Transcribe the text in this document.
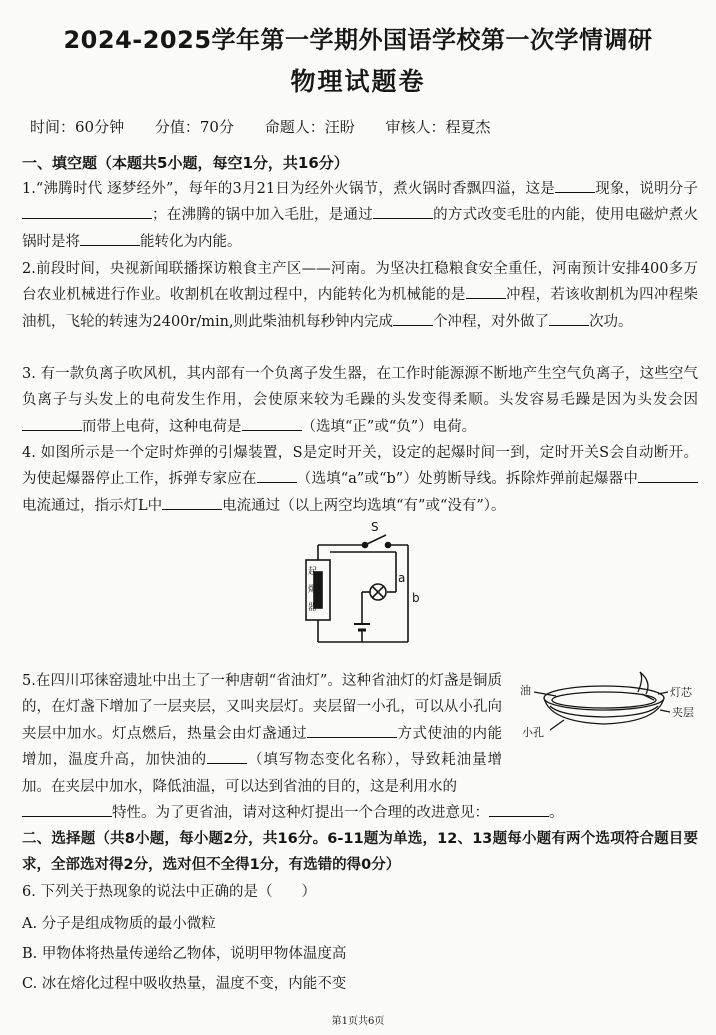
2024-2025学年第一学期外国语学校第一次学情调研
物理试题卷
时间：60分钟 分值：70分 命题人：汪盼 审核人：程夏杰
一、填空题（本题共5小题，每空1分，共16分）
1.“沸腾时代 逐梦经外”，每年的3月21日为经外火锅节，煮火锅时香飘四溢，这是	现象，说明分子；在沸腾的锅中加入毛肚，是通过	的方式改变毛肚的内能，使用电磁炉煮火锅时是将	能转化为内能。
2.前段时间，央视新闻联播探访粮食主产区——河南。为坚决扛稳粮食安全重任，河南预计安排400多万台农业机械进行作业。收割机在收割过程中，内能转化为机械能的是	冲程，若该收割机为四冲程柴油机，飞轮的转速为2400r/min,则此柴油机每秒钟内完成	个冲程，对外做了	次功。
3. 有一款负离子吹风机，其内部有一个负离子发生器，在工作时能源源不断地产生空气负离子，这些空气负离子与头发上的电荷发生作用，会使原来较为毛躁的头发变得柔顺。头发容易毛躁是因为头发会因而带上电荷，这种电荷是	（选填“正”或“负”）电荷。
4. 如图所示是一个定时炸弹的引爆装置，S是定时开关，设定的起爆时间一到，定时开关S会自动断开。为使起爆器停止工作，拆弹专家应在	（选填“a”或“b”）处剪断导线。拆除炸弹前起爆器中电流通过，指示灯L中	电流通过（以上两空均选填“有”或“没有”）。
S
a
b
起 爆 器
5.在四川邛徕窑遗址中出土了一种唐朝“省油灯”。这种省油灯的灯盏是铜质的，在灯盏下增加了一层夹层，又叫夹层灯。夹层留一小孔，可以从小孔向夹层中加水。灯点燃后，热量会由灯盏通过	方式使油的内能增加，温度升高，加快油的	（填写物态变化名称），导致耗油量增加。在夹层中加水，降低油温，可以达到省油的目的，这是利用水的
特性。为了更省油，请对这种灯提出一个合理的改进意见：	。
油	灯芯
夹层
小孔
二、选择题（共8小题，每小题2分，共16分。6-11题为单选，12、13题每小题有两个选项符合题目要求，全部选对得2分，选对但不全得1分，有选错的得0分）
6. 下列关于热现象的说法中正确的是（　　）
A. 分子是组成物质的最小微粒
B. 甲物体将热量传递给乙物体，说明甲物体温度高
C. 冰在熔化过程中吸收热量，温度不变，内能不变
第1页共6页
